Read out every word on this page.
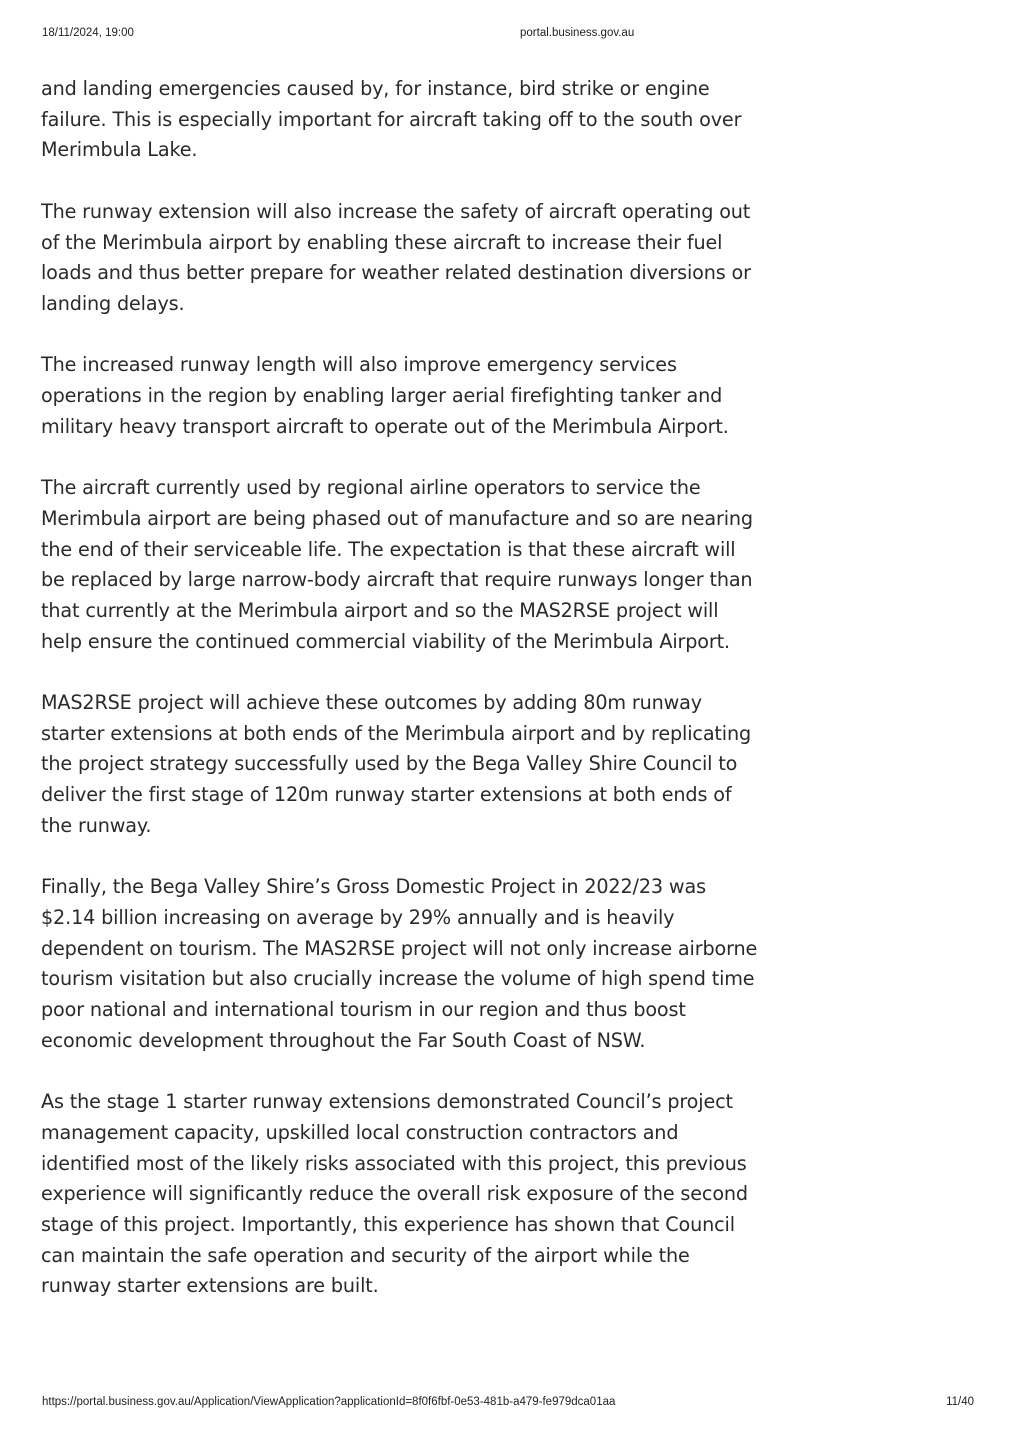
18/11/2024, 19:00	portal.business.gov.au

and landing emergencies caused by, for instance, bird strike or engine failure. This is especially important for aircraft taking off to the south over Merimbula Lake.

The runway extension will also increase the safety of aircraft operating out of the Merimbula airport by enabling these aircraft to increase their fuel loads and thus better prepare for weather related destination diversions or landing delays.

The increased runway length will also improve emergency services operations in the region by enabling larger aerial firefighting tanker and military heavy transport aircraft to operate out of the Merimbula Airport.

The aircraft currently used by regional airline operators to service the Merimbula airport are being phased out of manufacture and so are nearing the end of their serviceable life. The expectation is that these aircraft will be replaced by large narrow-body aircraft that require runways longer than that currently at the Merimbula airport and so the MAS2RSE project will help ensure the continued commercial viability of the Merimbula Airport.

MAS2RSE project will achieve these outcomes by adding 80m runway starter extensions at both ends of the Merimbula airport and by replicating the project strategy successfully used by the Bega Valley Shire Council to deliver the first stage of 120m runway starter extensions at both ends of the runway.

Finally, the Bega Valley Shire’s Gross Domestic Project in 2022/23 was $2.14 billion increasing on average by 29% annually and is heavily dependent on tourism. The MAS2RSE project will not only increase airborne tourism visitation but also crucially increase the volume of high spend time poor national and international tourism in our region and thus boost economic development throughout the Far South Coast of NSW.

As the stage 1 starter runway extensions demonstrated Council’s project management capacity, upskilled local construction contractors and identified most of the likely risks associated with this project, this previous experience will significantly reduce the overall risk exposure of the second stage of this project. Importantly, this experience has shown that Council can maintain the safe operation and security of the airport while the runway starter extensions are built.

https://portal.business.gov.au/Application/ViewApplication?applicationId=8f0f6fbf-0e53-481b-a479-fe979dca01aa	11/40
